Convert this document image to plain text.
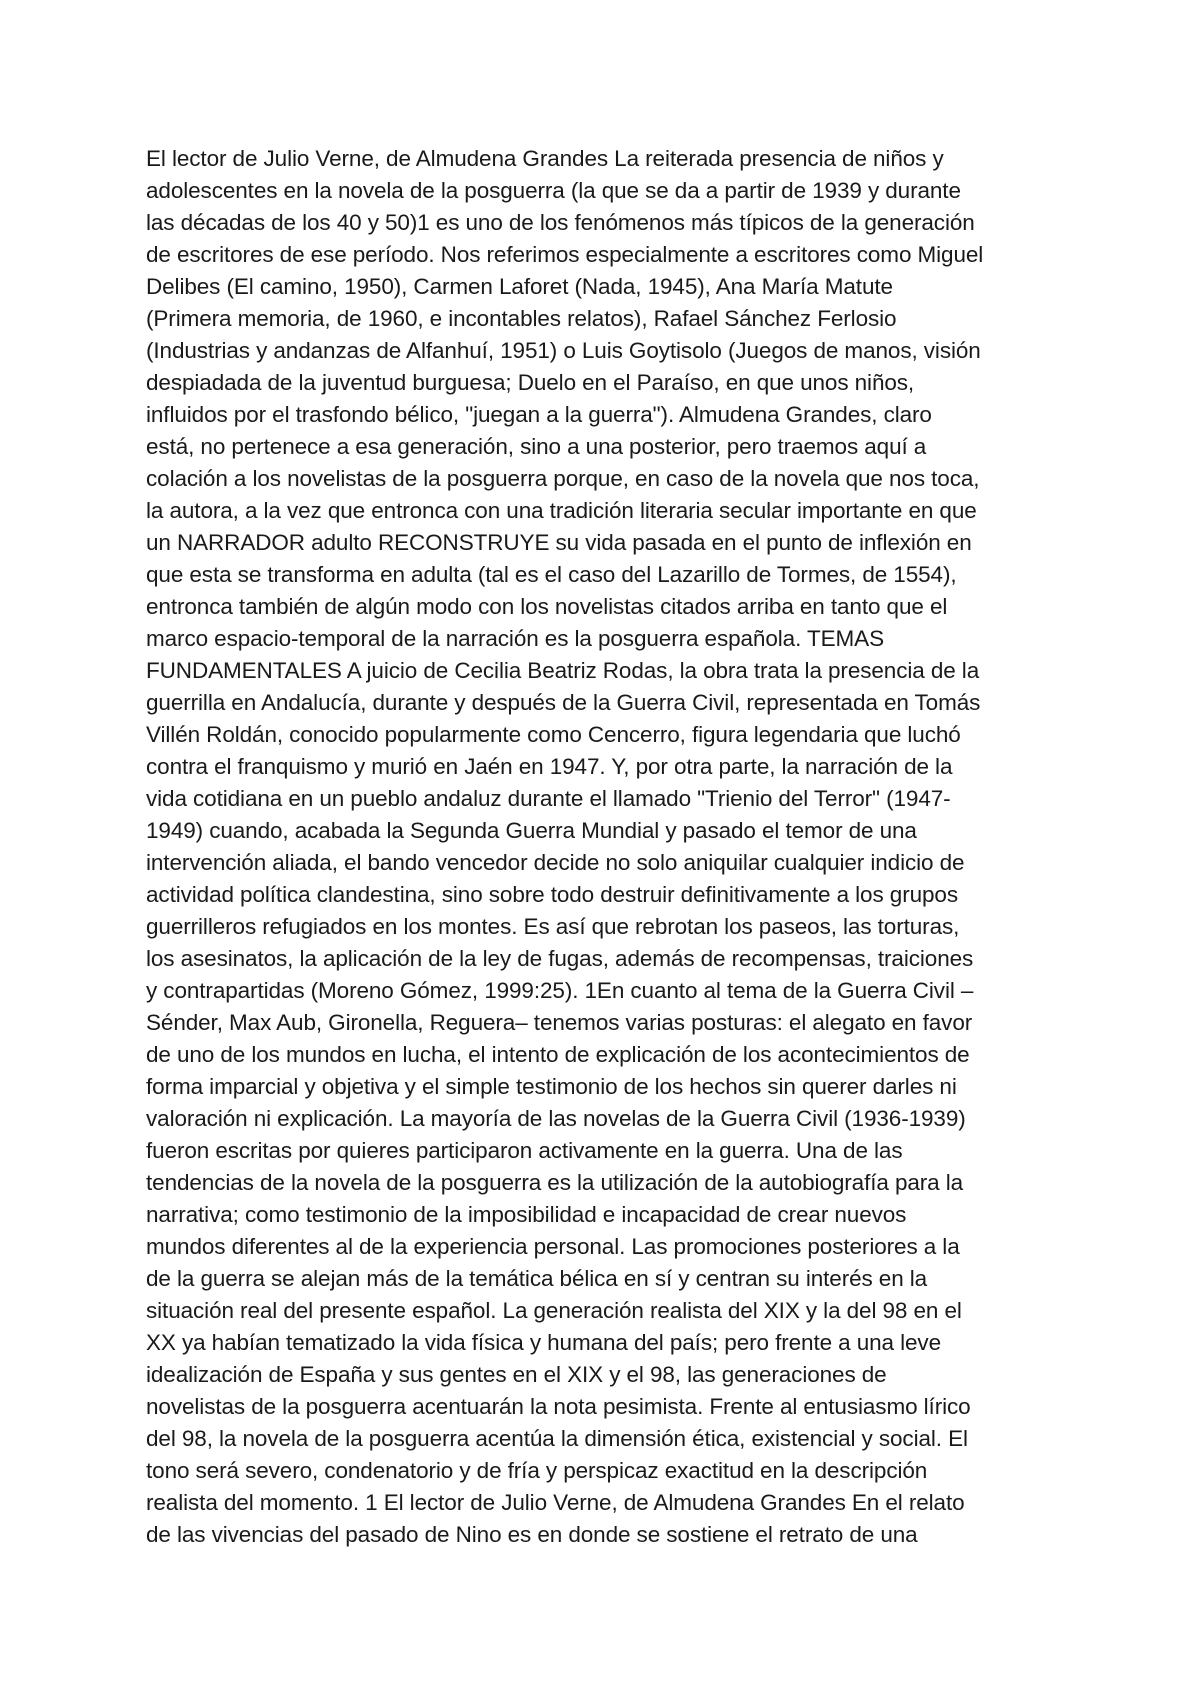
El lector de Julio Verne, de Almudena Grandes La reiterada presencia de niños y
adolescentes en la novela de la posguerra (la que se da a partir de 1939 y durante
las décadas de los 40 y 50)1 es uno de los fenómenos más típicos de la generación
de escritores de ese período. Nos referimos especialmente a escritores como Miguel
Delibes (El camino, 1950), Carmen Laforet (Nada, 1945), Ana María Matute
(Primera memoria, de 1960, e incontables relatos), Rafael Sánchez Ferlosio
(Industrias y andanzas de Alfanhuí, 1951) o Luis Goytisolo (Juegos de manos, visión
despiadada de la juventud burguesa; Duelo en el Paraíso, en que unos niños,
influidos por el trasfondo bélico, "juegan a la guerra"). Almudena Grandes, claro
está, no pertenece a esa generación, sino a una posterior, pero traemos aquí a
colación a los novelistas de la posguerra porque, en caso de la novela que nos toca,
la autora, a la vez que entronca con una tradición literaria secular importante en que
un NARRADOR adulto RECONSTRUYE su vida pasada en el punto de inflexión en
que esta se transforma en adulta (tal es el caso del Lazarillo de Tormes, de 1554),
entronca también de algún modo con los novelistas citados arriba en tanto que el
marco espacio-temporal de la narración es la posguerra española. TEMAS
FUNDAMENTALES A juicio de Cecilia Beatriz Rodas, la obra trata la presencia de la
guerrilla en Andalucía, durante y después de la Guerra Civil, representada en Tomás
Villén Roldán, conocido popularmente como Cencerro, figura legendaria que luchó
contra el franquismo y murió en Jaén en 1947. Y, por otra parte, la narración de la
vida cotidiana en un pueblo andaluz durante el llamado "Trienio del Terror" (1947-
1949) cuando, acabada la Segunda Guerra Mundial y pasado el temor de una
intervención aliada, el bando vencedor decide no solo aniquilar cualquier indicio de
actividad política clandestina, sino sobre todo destruir definitivamente a los grupos
guerrilleros refugiados en los montes. Es así que rebrotan los paseos, las torturas,
los asesinatos, la aplicación de la ley de fugas, además de recompensas, traiciones
y contrapartidas (Moreno Gómez, 1999:25). 1En cuanto al tema de la Guerra Civil –
Sénder, Max Aub, Gironella, Reguera– tenemos varias posturas: el alegato en favor
de uno de los mundos en lucha, el intento de explicación de los acontecimientos de
forma imparcial y objetiva y el simple testimonio de los hechos sin querer darles ni
valoración ni explicación. La mayoría de las novelas de la Guerra Civil (1936-1939)
fueron escritas por quieres participaron activamente en la guerra. Una de las
tendencias de la novela de la posguerra es la utilización de la autobiografía para la
narrativa; como testimonio de la imposibilidad e incapacidad de crear nuevos
mundos diferentes al de la experiencia personal. Las promociones posteriores a la
de la guerra se alejan más de la temática bélica en sí y centran su interés en la
situación real del presente español. La generación realista del XIX y la del 98 en el
XX ya habían tematizado la vida física y humana del país; pero frente a una leve
idealización de España y sus gentes en el XIX y el 98, las generaciones de
novelistas de la posguerra acentuarán la nota pesimista. Frente al entusiasmo lírico
del 98, la novela de la posguerra acentúa la dimensión ética, existencial y social. El
tono será severo, condenatorio y de fría y perspicaz exactitud en la descripción
realista del momento. 1 El lector de Julio Verne, de Almudena Grandes En el relato
de las vivencias del pasado de Nino es en donde se sostiene el retrato de una
